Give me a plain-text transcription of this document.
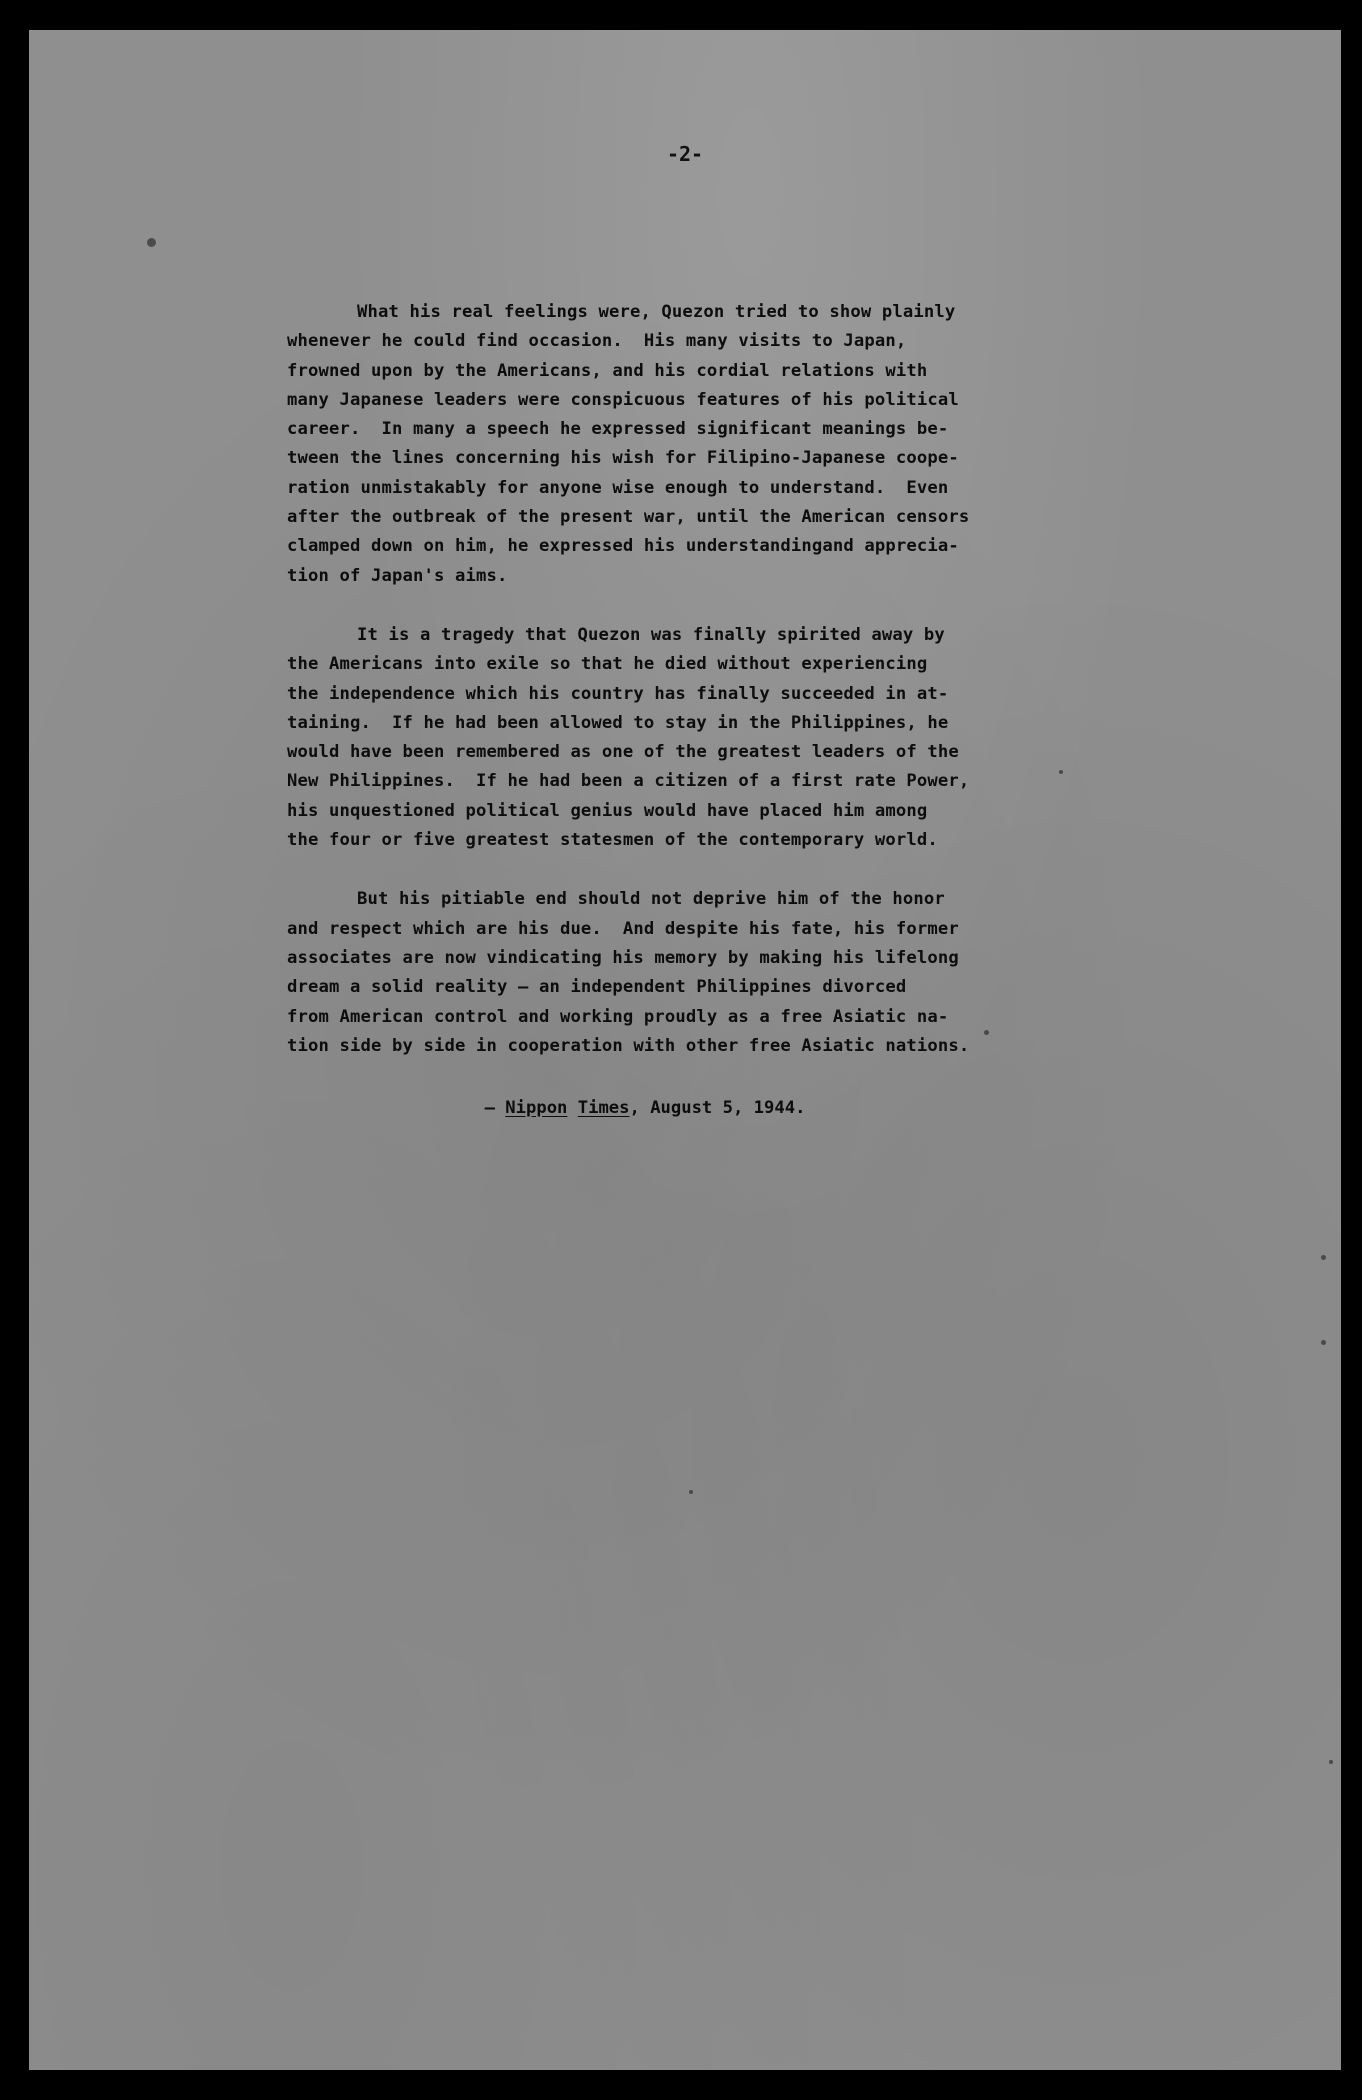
-2-
What his real feelings were, Quezon tried to show plainly
whenever he could find occasion.  His many visits to Japan,
frowned upon by the Americans, and his cordial relations with
many Japanese leaders were conspicuous features of his political
career.  In many a speech he expressed significant meanings be-
tween the lines concerning his wish for Filipino-Japanese coope-
ration unmistakably for anyone wise enough to understand.  Even
after the outbreak of the present war, until the American censors
clamped down on him, he expressed his understandingand apprecia-
tion of Japan's aims.
It is a tragedy that Quezon was finally spirited away by
the Americans into exile so that he died without experiencing
the independence which his country has finally succeeded in at-
taining.  If he had been allowed to stay in the Philippines, he
would have been remembered as one of the greatest leaders of the
New Philippines.  If he had been a citizen of a first rate Power,
his unquestioned political genius would have placed him among
the four or five greatest statesmen of the contemporary world.
But his pitiable end should not deprive him of the honor
and respect which are his due.  And despite his fate, his former
associates are now vindicating his memory by making his lifelong
dream a solid reality — an independent Philippines divorced
from American control and working proudly as a free Asiatic na-
tion side by side in cooperation with other free Asiatic nations.
— Nippon Times, August 5, 1944.
